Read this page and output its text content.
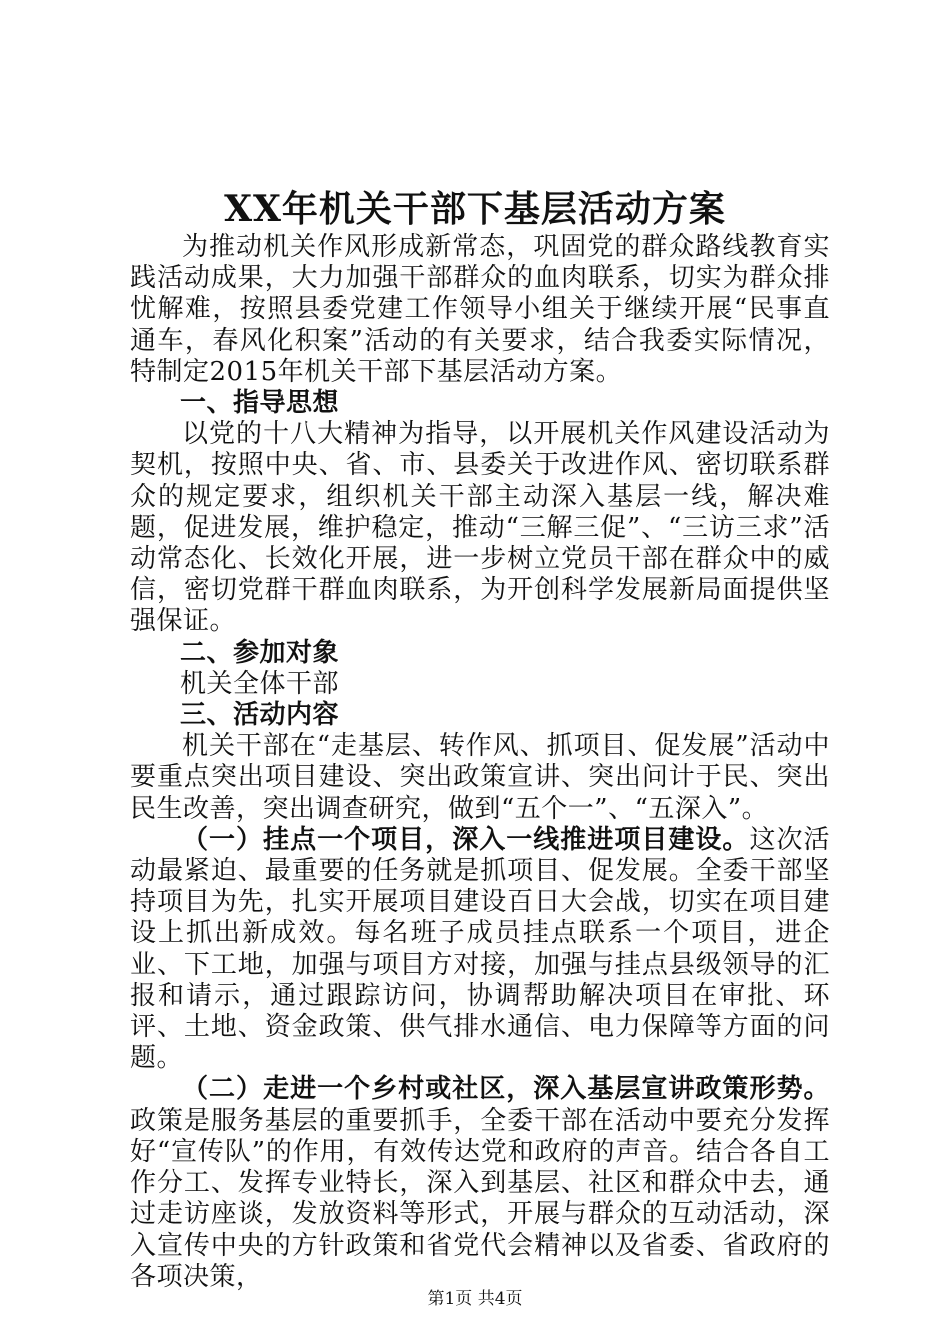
XX年机关干部下基层活动方案

为推动机关作风形成新常态，巩固党的群众路线教育实践活动成果，大力加强干部群众的血肉联系，切实为群众排忧解难，按照县委党建工作领导小组关于继续开展“民事直通车，春风化积案”活动的有关要求，结合我委实际情况，特制定2015年机关干部下基层活动方案。

一、指导思想

以党的十八大精神为指导，以开展机关作风建设活动为契机，按照中央、省、市、县委关于改进作风、密切联系群众的规定要求，组织机关干部主动深入基层一线，解决难题，促进发展，维护稳定，推动“三解三促”、“三访三求”活动常态化、长效化开展，进一步树立党员干部在群众中的威信，密切党群干群血肉联系，为开创科学发展新局面提供坚强保证。

二、参加对象

机关全体干部

三、活动内容

机关干部在“走基层、转作风、抓项目、促发展”活动中要重点突出项目建设、突出政策宣讲、突出问计于民、突出民生改善，突出调查研究，做到“五个一”、“五深入”。

（一）挂点一个项目，深入一线推进项目建设。这次活动最紧迫、最重要的任务就是抓项目、促发展。全委干部坚持项目为先，扎实开展项目建设百日大会战，切实在项目建设上抓出新成效。每名班子成员挂点联系一个项目，进企业、下工地，加强与项目方对接，加强与挂点县级领导的汇报和请示，通过跟踪访问，协调帮助解决项目在审批、环评、土地、资金政策、供气排水通信、电力保障等方面的问题。

（二）走进一个乡村或社区，深入基层宣讲政策形势。政策是服务基层的重要抓手，全委干部在活动中要充分发挥好“宣传队”的作用，有效传达党和政府的声音。结合各自工作分工、发挥专业特长，深入到基层、社区和群众中去，通过走访座谈，发放资料等形式，开展与群众的互动活动，深入宣传中央的方针政策和省党代会精神以及省委、省政府的各项决策，

第1页 共4页
